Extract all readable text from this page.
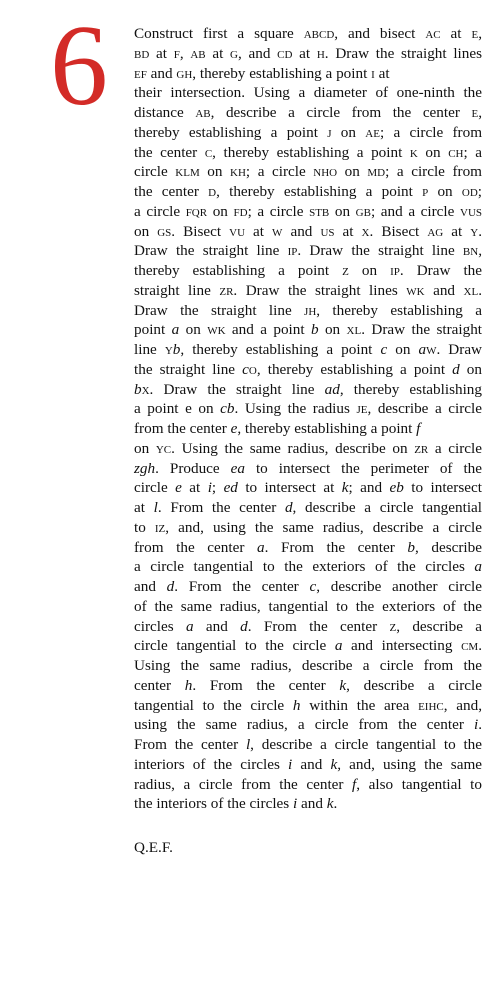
6 Construct first a square abcd, and bisect ac at e,
bd at f, ab at g, and cd at h. Draw the straight lines
ef and gh, thereby establishing a point i at
their intersection. Using a diameter of one-ninth the
distance ab, describe a circle from the center e,
thereby establishing a point j on ae; a circle from
the center c, thereby establishing a point k on ch; a
circle klm on kh; a circle nho on md; a circle from
the center d, thereby establishing a point p on od;
a circle fqr on fd; a circle stb on gb; and a circle vus
on gs. Bisect vu at w and us at x. Bisect ag at y.
Draw the straight line ip. Draw the straight line bn,
thereby establishing a point z on ip. Draw the
straight line zr. Draw the straight lines wk and xl.
Draw the straight line jh, thereby establishing a
point a on wk and a point b on xl. Draw the straight
line yb, thereby establishing a point c on aw. Draw
the straight line co, thereby establishing a point d on
bx. Draw the straight line ad, thereby establishing
a point e on cb. Using the radius je, describe a circle
from the center e, thereby establishing a point f
on yc. Using the same radius, describe on zr a circle
zgh. Produce ea to intersect the perimeter of the
circle e at i; ed to intersect at k; and eb to intersect
at l. From the center d, describe a circle tangential
to iz, and, using the same radius, describe a circle
from the center a. From the center b, describe
a circle tangential to the exteriors of the circles a
and d. From the center c, describe another circle
of the same radius, tangential to the exteriors of the
circles a and d. From the center z, describe a
circle tangential to the circle a and intersecting cm.
Using the same radius, describe a circle from the
center h. From the center k, describe a circle
tangential to the circle h within the area eihc, and,
using the same radius, a circle from the center i.
From the center l, describe a circle tangential to the
interiors of the circles i and k, and, using the same
radius, a circle from the center f, also tangential to
the interiors of the circles i and k.
Q.E.F.
